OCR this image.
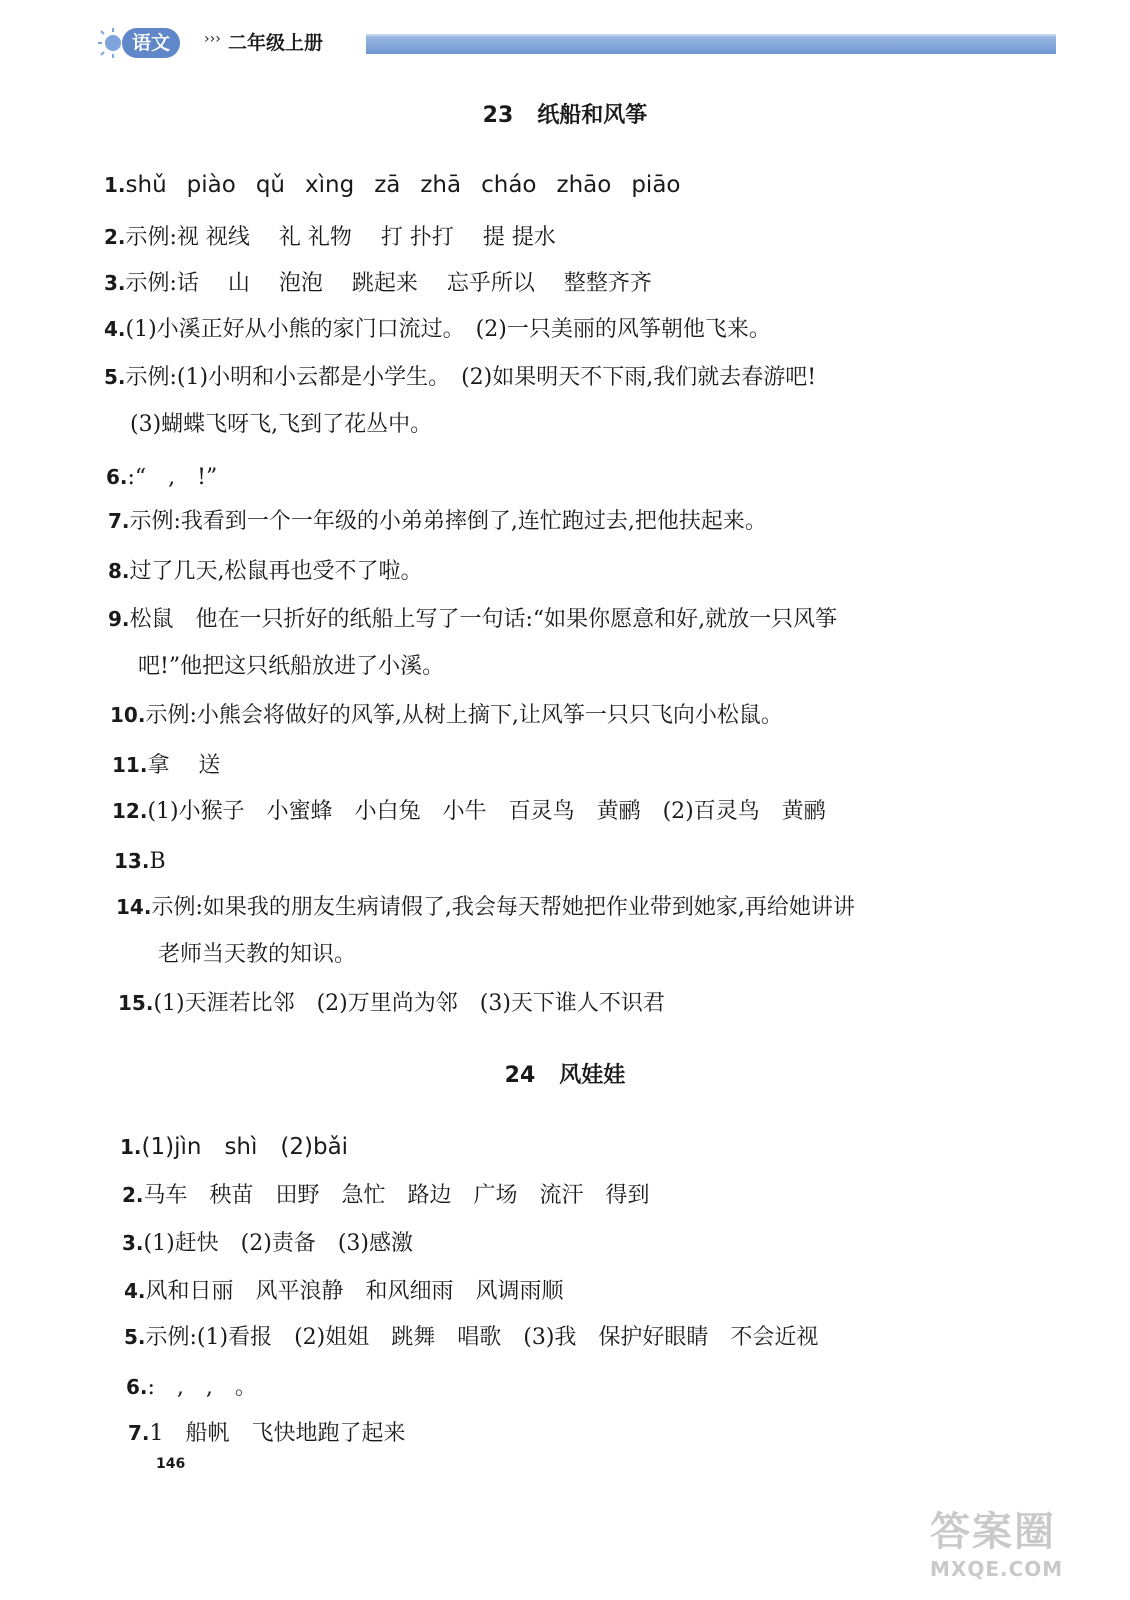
语文	››› 二年级上册
23 纸船和风筝
1.shǔ piào qǔ xìng zā zhā cháo zhāo piāo
2.示例:视 视线　 礼 礼物　 打 扑打　 提 提水
3.示例:话　 山　 泡泡　 跳起来　 忘乎所以　 整整齐齐
4.(1)小溪正好从小熊的家门口流过。　(2)一只美丽的风筝朝他飞来。
5.示例:(1)小明和小云都是小学生。　(2)如果明天不下雨,我们就去春游吧!
(3)蝴蝶飞呀飞,飞到了花丛中。
6.:“　,　!”
7.示例:我看到一个一年级的小弟弟摔倒了,连忙跑过去,把他扶起来。
8.过了几天,松鼠再也受不了啦。
9.松鼠　他在一只折好的纸船上写了一句话:“如果你愿意和好,就放一只风筝
吧!”他把这只纸船放进了小溪。
10.示例:小熊会将做好的风筝,从树上摘下,让风筝一只只飞向小松鼠。
11.拿　 送
12.(1)小猴子　小蜜蜂　小白兔　小牛　百灵鸟　黄鹂　(2)百灵鸟　黄鹂
13.B
14.示例:如果我的朋友生病请假了,我会每天帮她把作业带到她家,再给她讲讲
老师当天教的知识。
15.(1)天涯若比邻　(2)万里尚为邻　(3)天下谁人不识君
24 风娃娃
1.(1)jìn　shì　(2)bǎi
2.马车　秧苗　田野　急忙　路边　广场　流汗　得到
3.(1)赶快　(2)责备　(3)感激
4.风和日丽　风平浪静　和风细雨　风调雨顺
5.示例:(1)看报　(2)姐姐　跳舞　唱歌　(3)我　保护好眼睛　不会近视
6.:　,　,　。
7.1　船帆　飞快地跑了起来
146
答案圈
MXQE.COM
